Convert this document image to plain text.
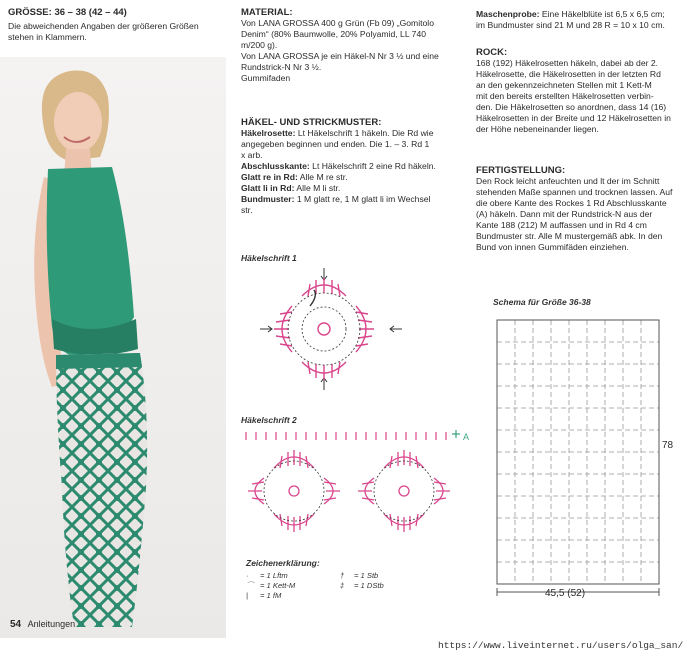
GRÖSSE: 36 – 38 (42 – 44)
Die abweichenden Angaben der größeren Größen
stehen in Klammern.
54 Anleitungen
MATERIAL:
Von LANA GROSSA 400 g Grün (Fb 09) „Gomitolo
Denim“ (80% Baumwolle, 20% Polyamid, LL 740
m/200 g).
Von LANA GROSSA je ein Häkel-N Nr 3 ½ und eine
Rundstrick-N Nr 3 ½.
Gummifaden
HÄKEL- UND STRICKMUSTER:
Häkelrosette: Lt Häkelschrift 1 häkeln. Die Rd wie
angegeben beginnen und enden. Die 1. – 3. Rd 1
x arb.
Abschlusskante: Lt Häkelschrift 2 eine Rd häkeln.
Glatt re in Rd: Alle M re str.
Glatt li in Rd: Alle M li str.
Bundmuster: 1 M glatt re, 1 M glatt li im Wechsel
str.
Häkelschrift 1
Häkelschrift 2
A
Zeichenerklärung:
· = 1 Lftm
⌒ = 1 Kett-M
| = 1 fM
† = 1 Stb
‡ = 1 DStb
Maschenprobe: Eine Häkelblüte ist 6,5 x 6,5 cm;
im Bundmuster sind 21 M und 28 R = 10 x 10 cm.
ROCK:
168 (192) Häkelrosetten häkeln, dabei ab der 2.
Häkelrosette, die Häkelrosetten in der letzten Rd
an den gekennzeichneten Stellen mit 1 Kett-M
mit den bereits erstellten Häkelrosetten verbin-
den. Die Häkelrosetten so anordnen, dass 14 (16)
Häkelrosetten in der Breite und 12 Häkelrosetten in
der Höhe nebeneinander liegen.
FERTIGSTELLUNG:
Den Rock leicht anfeuchten und lt der im Schnitt
stehenden Maße spannen und trocknen lassen. Auf
die obere Kante des Rockes 1 Rd Abschlusskante
(A) häkeln. Dann mit der Rundstrick-N aus der
Kante 188 (212) M auffassen und in Rd 4 cm
Bundmuster str. Alle M mustergemäß abk. In den
Bund von innen Gummifäden einziehen.
Schema für Größe 36-38
78
45,5 (52)
https://www.liveinternet.ru/users/olga_san/
